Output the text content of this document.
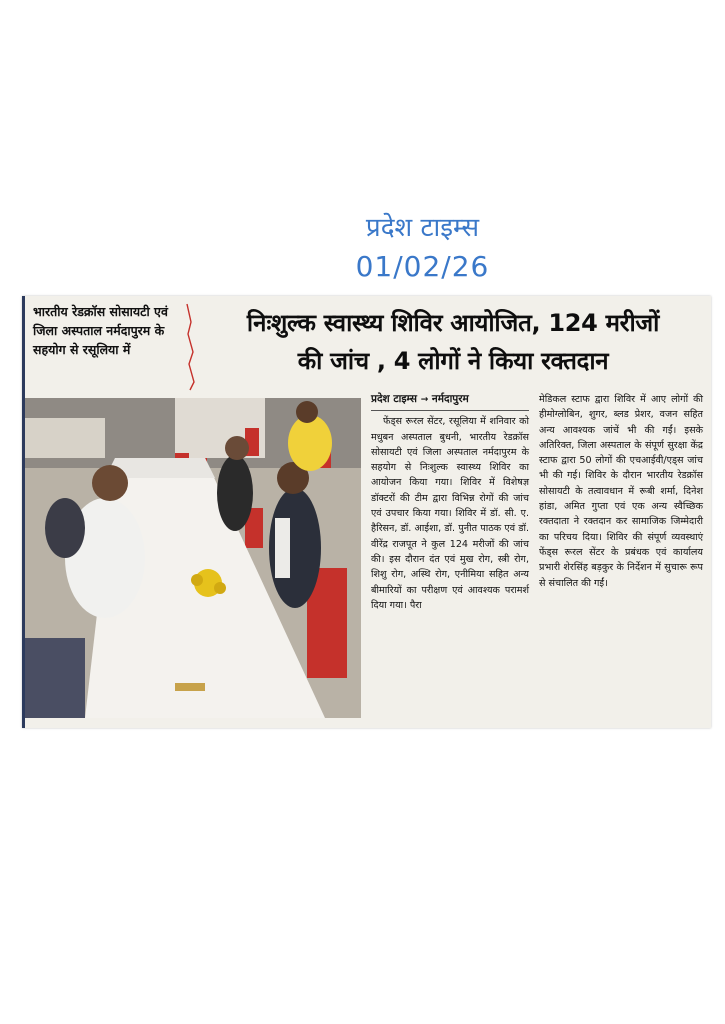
प्रदेश टाइम्स
01/02/26
भारतीय रेडक्रॉस सोसायटी एवं जिला अस्पताल नर्मदापुरम के सहयोग से रसूलिया में
निःशुल्क स्वास्थ्य शिविर आयोजित, 124 मरीजों
की जांच , 4 लोगों ने किया रक्तदान
प्रदेश टाइम्स → नर्मदापुरम

फेंड्स रूरल सेंटर, रसूलिया में शनिवार को मधुबन अस्पताल बुधनी, भारतीय रेडक्रॉस सोसायटी एवं जिला अस्पताल नर्मदापुरम के सहयोग से निःशुल्क स्वास्थ्य शिविर का आयोजन किया गया। शिविर में विशेषज्ञ डॉक्टरों की टीम द्वारा विभिन्न रोगों की जांच एवं उपचार किया गया। शिविर में डॉ. सी. ए. हैरिसन, डॉ. आईशा, डॉ. पुनीत पाठक एवं डॉ. वीरेंद्र राजपूत ने कुल 124 मरीजों की जांच की। इस दौरान दंत एवं मुख रोग, स्त्री रोग, शिशु रोग, अस्थि रोग, एनीमिया सहित अन्य बीमारियों का परीक्षण एवं आवश्यक परामर्श दिया गया। पैरा

मेडिकल स्टाफ द्वारा शिविर में आए लोगों की हीमोग्लोबिन, शुगर, ब्लड प्रेशर, वजन सहित अन्य आवश्यक जांचें भी की गईं। इसके अतिरिक्त, जिला अस्पताल के संपूर्ण सुरक्षा केंद्र स्टाफ द्वारा 50 लोगों की एचआईवी/एड्स जांच भी की गई। शिविर के दौरान भारतीय रेडक्रॉस सोसायटी के तत्वावधान में रूबी शर्मा, दिनेश हांडा, अमित गुप्ता एवं एक अन्य स्वैच्छिक रक्तदाता ने रक्तदान कर सामाजिक जिम्मेदारी का परिचय दिया। शिविर की संपूर्ण व्यवस्थाएं फेंड्स रूरल सेंटर के प्रबंधक एवं कार्यालय प्रभारी शेरसिंह बड़कुर के निर्देशन में सुचारू रूप से संचालित की गईं।
